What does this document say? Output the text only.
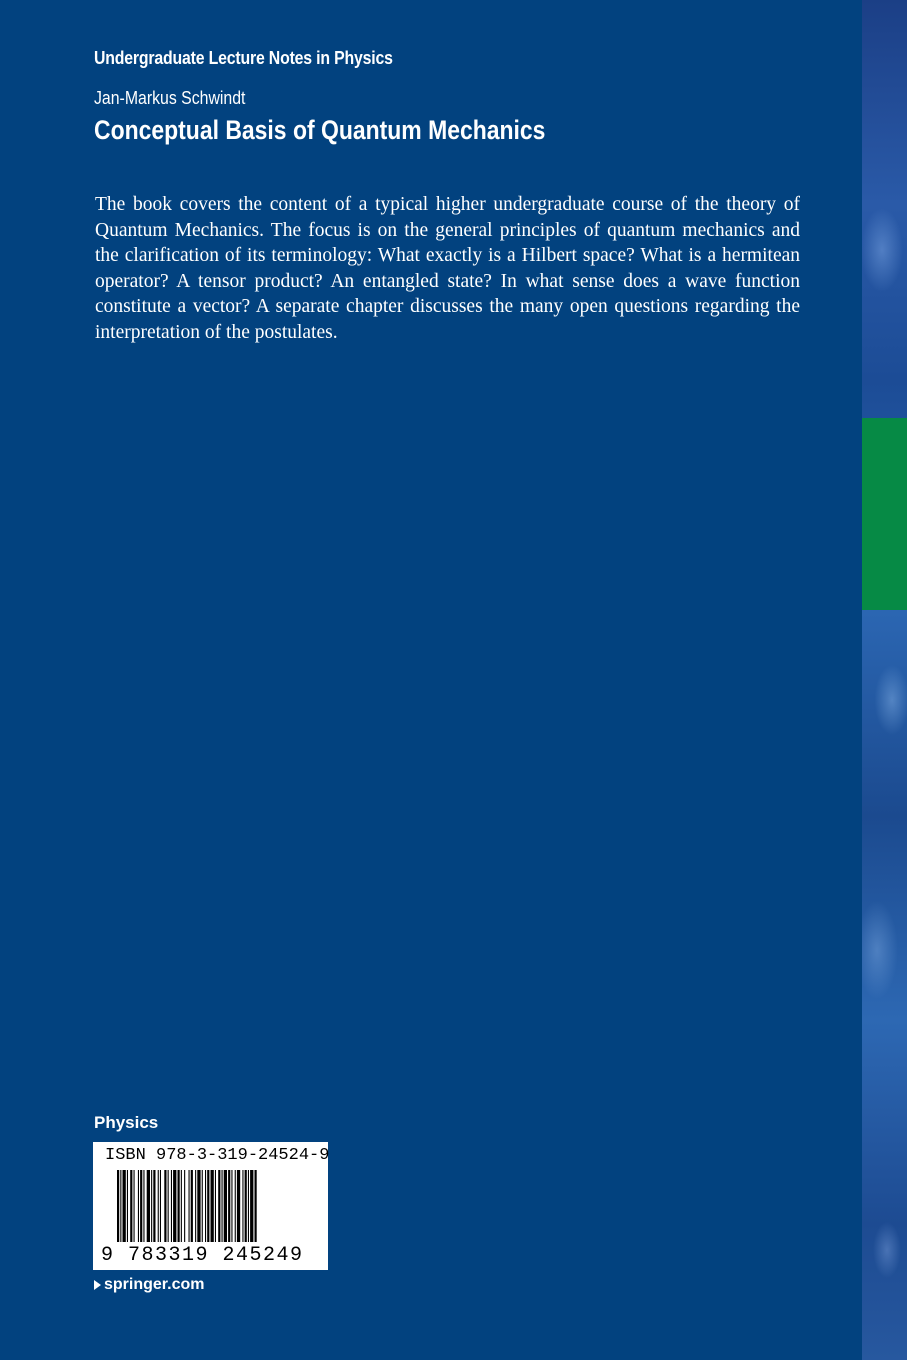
Undergraduate Lecture Notes in Physics
Jan-Markus Schwindt
Conceptual Basis of Quantum Mechanics

The book covers the content of a typical higher undergraduate course of the theory of Quantum Mechanics. The focus is on the general principles of quantum mechanics and the clarification of its terminology: What exactly is a Hilbert space? What is a hermitean operator? A tensor product? An entangled state? In what sense does a wave function constitute a vector? A separate chapter discusses the many open questions regarding the interpretation of the postulates.

Physics
ISBN 978-3-319-24524-9
9 783319 245249
springer.com
